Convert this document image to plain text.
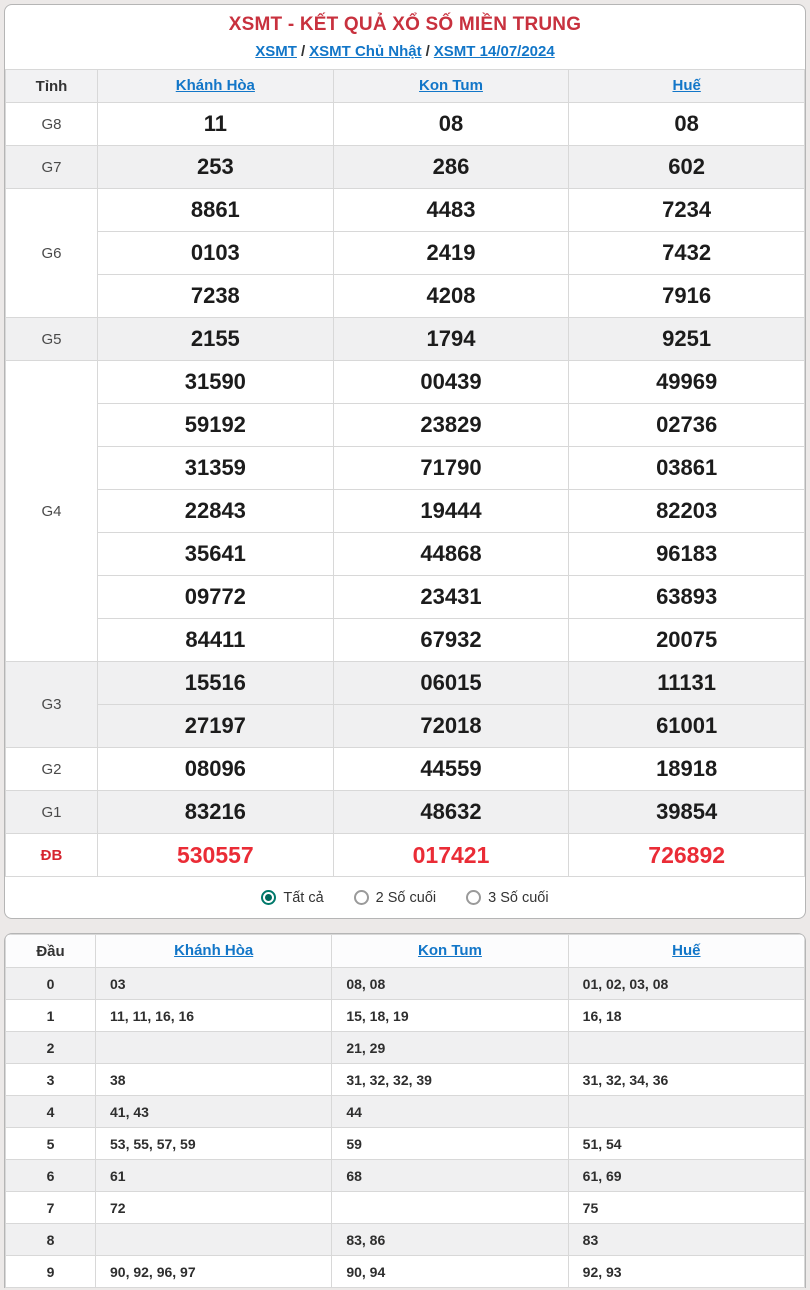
XSMT - KẾT QUẢ XỔ SỐ MIỀN TRUNG
XSMT / XSMT Chủ Nhật / XSMT 14/07/2024
Tỉnh	Khánh Hòa	Kon Tum	Huế
G8	11	08	08
G7	253	286	602
G6	8861	4483	7234
	0103	2419	7432
	7238	4208	7916
G5	2155	1794	9251
G4	31590	00439	49969
	59192	23829	02736
	31359	71790	03861
	22843	19444	82203
	35641	44868	96183
	09772	23431	63893
	84411	67932	20075
G3	15516	06015	11131
	27197	72018	61001
G2	08096	44559	18918
G1	83216	48632	39854
ĐB	530557	017421	726892
Tất cả	2 Số cuối	3 Số cuối
Đầu	Khánh Hòa	Kon Tum	Huế
0	03	08, 08	01, 02, 03, 08
1	11, 11, 16, 16	15, 18, 19	16, 18
2		21, 29	
3	38	31, 32, 32, 39	31, 32, 34, 36
4	41, 43	44	
5	53, 55, 57, 59	59	51, 54
6	61	68	61, 69
7	72		75
8		83, 86	83
9	90, 92, 96, 97	90, 94	92, 93
